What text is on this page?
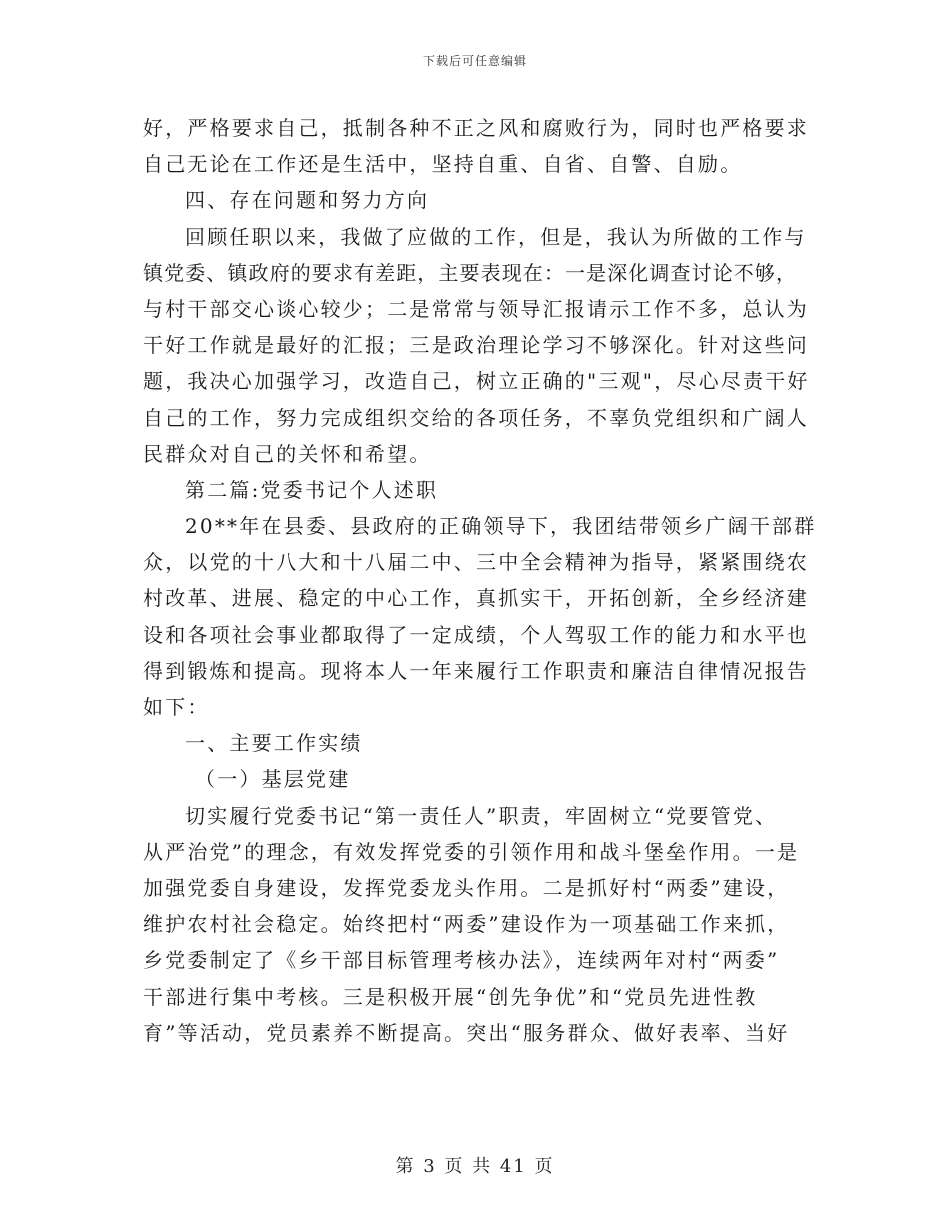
下载后可任意编辑
好，严格要求自己，抵制各种不正之风和腐败行为，同时也严格要求
自己无论在工作还是生活中，坚持自重、自省、自警、自励。
四、存在问题和努力方向
回顾任职以来，我做了应做的工作，但是，我认为所做的工作与
镇党委、镇政府的要求有差距，主要表现在：一是深化调查讨论不够，
与村干部交心谈心较少；二是常常与领导汇报请示工作不多，总认为
干好工作就是最好的汇报；三是政治理论学习不够深化。针对这些问
题，我决心加强学习，改造自己，树立正确的"三观"，尽心尽责干好
自己的工作，努力完成组织交给的各项任务，不辜负党组织和广阔人
民群众对自己的关怀和希望。
第二篇:党委书记个人述职
20**年在县委、县政府的正确领导下，我团结带领乡广阔干部群
众，以党的十八大和十八届二中、三中全会精神为指导，紧紧围绕农
村改革、进展、稳定的中心工作，真抓实干，开拓创新，全乡经济建
设和各项社会事业都取得了一定成绩，个人驾驭工作的能力和水平也
得到锻炼和提高。现将本人一年来履行工作职责和廉洁自律情况报告
如下：
一、主要工作实绩
（一）基层党建
切实履行党委书记“第一责任人”职责，牢固树立“党要管党、
从严治党”的理念，有效发挥党委的引领作用和战斗堡垒作用。一是
加强党委自身建设，发挥党委龙头作用。二是抓好村“两委”建设，
维护农村社会稳定。始终把村“两委”建设作为一项基础工作来抓，
乡党委制定了《乡干部目标管理考核办法》，连续两年对村“两委”
干部进行集中考核。三是积极开展“创先争优”和“党员先进性教
育”等活动，党员素养不断提高。突出“服务群众、做好表率、当好
第 3 页 共 41 页
